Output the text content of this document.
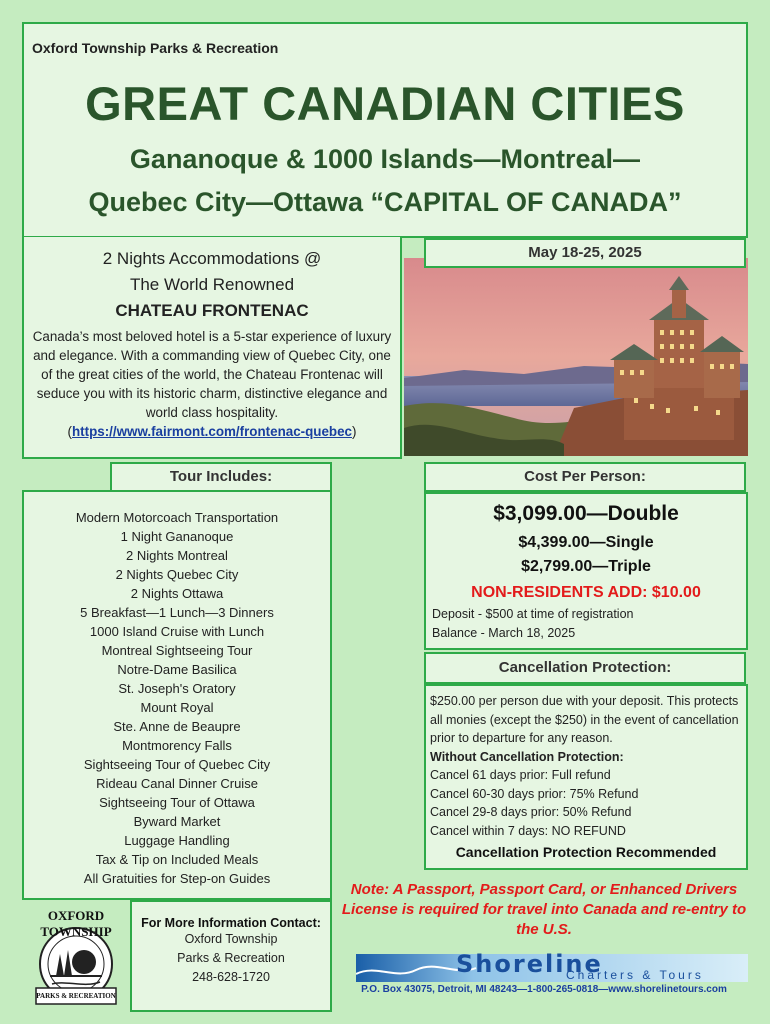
Oxford Township Parks & Recreation
GREAT CANADIAN CITIES
Gananoque & 1000 Islands—Montreal—
Quebec City—Ottawa “CAPITAL OF CANADA”
2 Nights Accommodations @
The World Renowned
CHATEAU FRONTENAC
Canada’s most beloved hotel is a 5-star experience of luxury and elegance. With a commanding view of Quebec City, one of the great cities of the world, the Chateau Frontenac will seduce you with its historic charm, distinctive elegance and world class hospitality.
(https://www.fairmont.com/frontenac-quebec)
May 18-25, 2025
Tour Includes:
Modern Motorcoach Transportation
1 Night Gananoque
2 Nights Montreal
2 Nights Quebec City
2 Nights Ottawa
5 Breakfast—1 Lunch—3 Dinners
1000 Island Cruise with Lunch
Montreal Sightseeing Tour
Notre-Dame Basilica
St. Joseph's Oratory
Mount Royal
Ste. Anne de Beaupre
Montmorency Falls
Sightseeing Tour of Quebec City
Rideau Canal Dinner Cruise
Sightseeing Tour of Ottawa
Byward Market
Luggage Handling
Tax & Tip on Included Meals
All Gratuities for Step-on Guides
Cost Per Person:
$3,099.00—Double
$4,399.00—Single
$2,799.00—Triple
NON-RESIDENTS ADD: $10.00
Deposit - $500 at time of registration
Balance - March 18, 2025
Cancellation Protection:
$250.00 per person due with your deposit. This protects all monies (except the $250) in the event of cancellation prior to departure for any reason.
Without Cancellation Protection:
Cancel 61 days prior: Full refund
Cancel 60-30 days prior: 75% Refund
Cancel 29-8 days prior: 50% Refund
Cancel within 7 days: NO REFUND
Cancellation Protection Recommended
Note: A Passport, Passport Card, or Enhanced Drivers License is required for travel into Canada and re-entry to the U.S.
OXFORD TOWNSHIP
PARKS & RECREATION
For More Information Contact:
Oxford Township
Parks & Recreation
248-628-1720	Shoreline
Charters & Tours
P.O. Box 43075, Detroit, MI 48243—1-800-265-0818—www.shorelinetours.com
